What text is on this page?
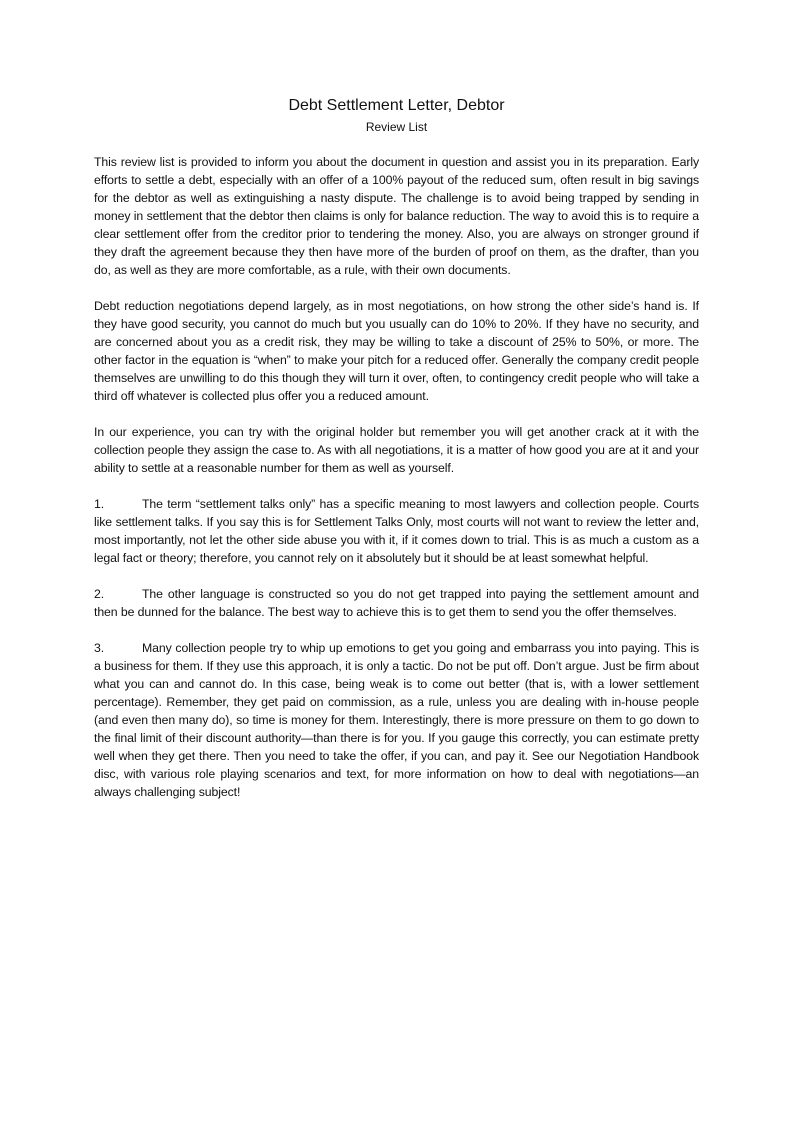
Debt Settlement Letter, Debtor
Review List

This review list is provided to inform you about the document in question and assist you in its preparation. Early efforts to settle a debt, especially with an offer of a 100% payout of the reduced sum, often result in big savings for the debtor as well as extinguishing a nasty dispute. The challenge is to avoid being trapped by sending in money in settlement that the debtor then claims is only for balance reduction. The way to avoid this is to require a clear settlement offer from the creditor prior to tendering the money. Also, you are always on stronger ground if they draft the agreement because they then have more of the burden of proof on them, as the drafter, than you do, as well as they are more comfortable, as a rule, with their own documents.

Debt reduction negotiations depend largely, as in most negotiations, on how strong the other side’s hand is. If they have good security, you cannot do much but you usually can do 10% to 20%. If they have no security, and are concerned about you as a credit risk, they may be willing to take a discount of 25% to 50%, or more. The other factor in the equation is “when” to make your pitch for a reduced offer. Generally the company credit people themselves are unwilling to do this though they will turn it over, often, to contingency credit people who will take a third off whatever is collected plus offer you a reduced amount.

In our experience, you can try with the original holder but remember you will get another crack at it with the collection people they assign the case to. As with all negotiations, it is a matter of how good you are at it and your ability to settle at a reasonable number for them as well as yourself.

1.	The term “settlement talks only” has a specific meaning to most lawyers and collection people. Courts like settlement talks. If you say this is for Settlement Talks Only, most courts will not want to review the letter and, most importantly, not let the other side abuse you with it, if it comes down to trial. This is as much a custom as a legal fact or theory; therefore, you cannot rely on it absolutely but it should be at least somewhat helpful.

2.	The other language is constructed so you do not get trapped into paying the settlement amount and then be dunned for the balance. The best way to achieve this is to get them to send you the offer themselves.

3.	Many collection people try to whip up emotions to get you going and embarrass you into paying. This is a business for them. If they use this approach, it is only a tactic. Do not be put off. Don’t argue. Just be firm about what you can and cannot do. In this case, being weak is to come out better (that is, with a lower settlement percentage). Remember, they get paid on commission, as a rule, unless you are dealing with in-house people (and even then many do), so time is money for them. Interestingly, there is more pressure on them to go down to the final limit of their discount authority—than there is for you. If you gauge this correctly, you can estimate pretty well when they get there. Then you need to take the offer, if you can, and pay it. See our Negotiation Handbook disc, with various role playing scenarios and text, for more information on how to deal with negotiations—an always challenging subject!
